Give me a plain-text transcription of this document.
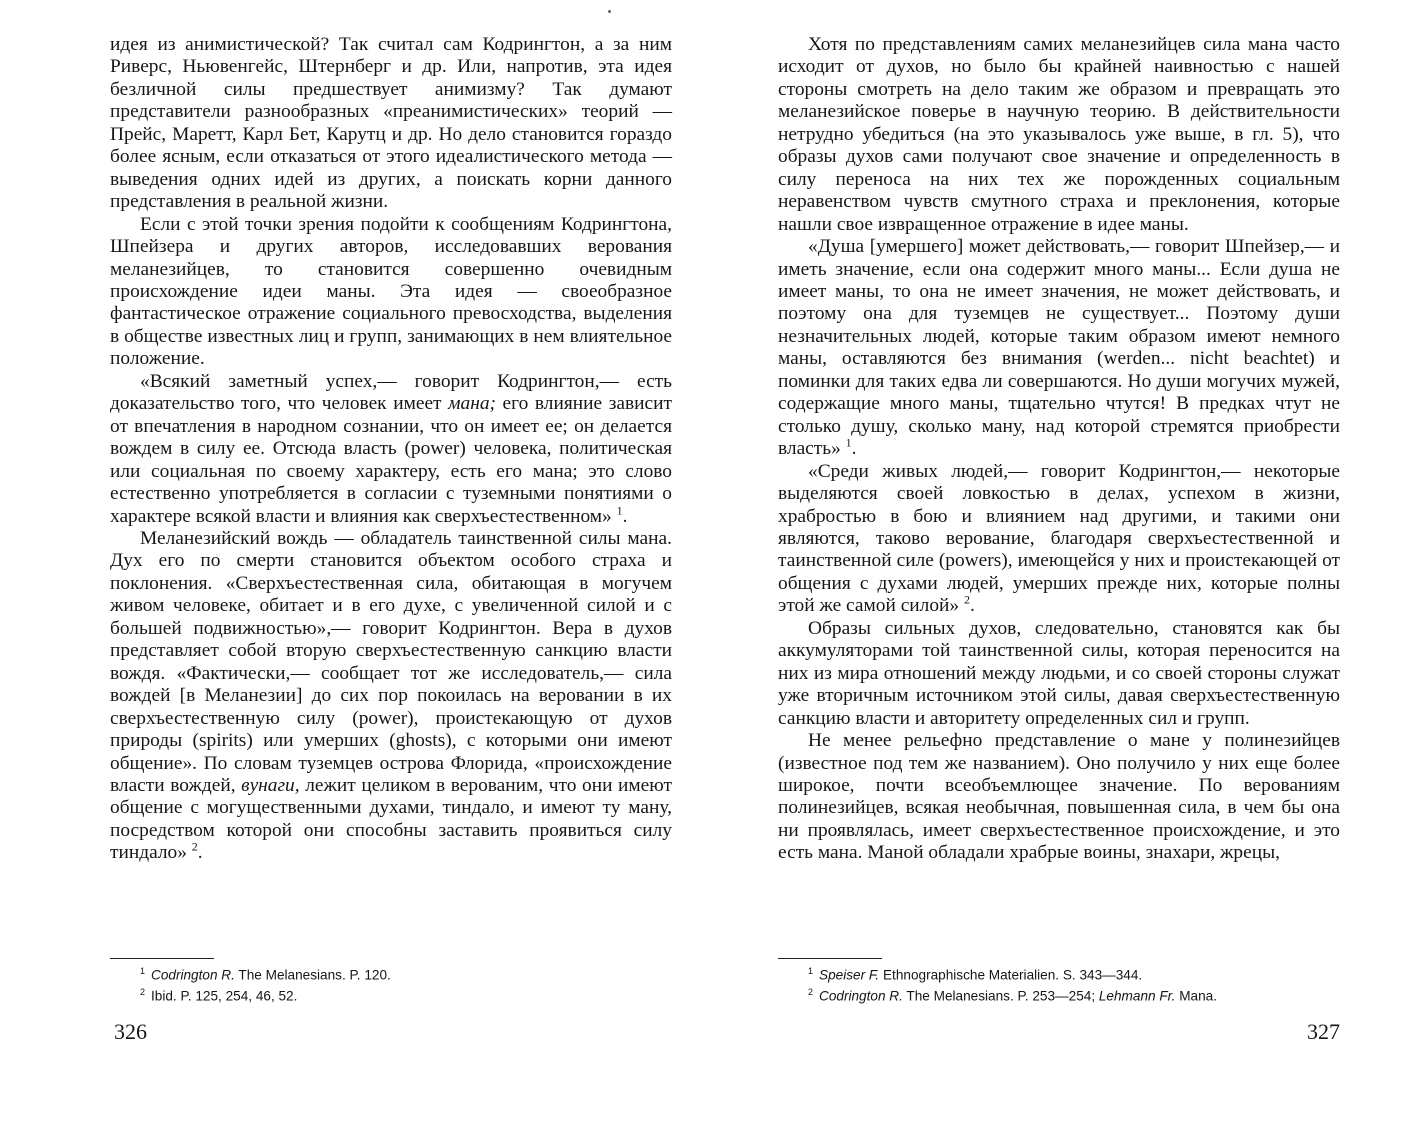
идея из анимистической? Так считал сам Кодрингтон, а за ним Риверс, Ньювенгейс, Штернберг и др. Или, напротив, эта идея безличной силы предшествует анимизму? Так думают представители разнообразных «преанимистических» теорий — Прейс, Маретт, Карл Бет, Карутц и др. Но дело становится гораздо более ясным, если отказаться от этого идеалистического метода — выведения одних идей из других, а поискать корни данного представления в реальной жизни.

Если с этой точки зрения подойти к сообщениям Кодрингтона, Шпейзера и других авторов, исследовавших верования меланезийцев, то становится совершенно очевидным происхождение идеи маны. Эта идея — своеобразное фантастическое отражение социального превосходства, выделения в обществе известных лиц и групп, занимающих в нем влиятельное положение.

«Всякий заметный успех,— говорит Кодрингтон,— есть доказательство того, что человек имеет мана; его влияние зависит от впечатления в народном сознании, что он имеет ее; он делается вождем в силу ее. Отсюда власть (power) человека, политическая или социальная по своему характеру, есть его мана; это слово естественно употребляется в согласии с туземными понятиями о характере всякой власти и влияния как сверхъестественном» $^1$.

Меланезийский вождь — обладатель таинственной силы мана. Дух его по смерти становится объектом особого страха и поклонения. «Сверхъестественная сила, обитающая в могучем живом человеке, обитает и в его духе, с увеличенной силой и с большей подвижностью»,— говорит Кодрингтон. Вера в духов представляет собой вторую сверхъестественную санкцию власти вождя. «Фактически,— сообщает тот же исследователь,— сила вождей [в Меланезии] до сих пор покоилась на веровании в их сверхъестественную силу (power), проистекающую от духов природы (spirits) или умерших (ghosts), с которыми они имеют общение». По словам туземцев острова Флорида, «происхождение власти вождей, вунаги, лежит целиком в верованим, что они имеют общение с могущественными духами, тиндало, и имеют ту ману, посредством которой они способны заставить проявиться силу тиндало» $^2$.

$^1$ Codrington R. The Melanesians. P. 120.

$^2$ Ibid. P. 125, 254, 46, 52.

326

Хотя по представлениям самих меланезийцев сила мана часто исходит от духов, но было бы крайней наивностью с нашей стороны смотреть на дело таким же образом и превращать это меланезийское поверье в научную теорию. В действительности нетрудно убедиться (на это указывалось уже выше, в гл. 5), что образы духов сами получают свое значение и определенность в силу переноса на них тех же порожденных социальным неравенством чувств смутного страха и преклонения, которые нашли свое извращенное отражение в идее маны.

«Душа [умершего] может действовать,— говорит Шпейзер,— и иметь значение, если она содержит много маны... Если душа не имеет маны, то она не имеет значения, не может действовать, и поэтому она для туземцев не существует... Поэтому души незначительных людей, которые таким образом имеют немного маны, оставляются без внимания (werden... nicht beachtet) и поминки для таких едва ли совершаются. Но души могучих мужей, содержащие много маны, тщательно чтутся! В предках чтут не столько душу, сколько ману, над которой стремятся приобрести власть» $^1$.

«Среди живых людей,— говорит Кодрингтон,— некоторые выделяются своей ловкостью в делах, успехом в жизни, храбростью в бою и влиянием над другими, и такими они являются, таково верование, благодаря сверхъестественной и таинственной силе (powers), имеющейся у них и проистекающей от общения с духами людей, умерших прежде них, которые полны этой же самой силой» $^2$.

Образы сильных духов, следовательно, становятся как бы аккумуляторами той таинственной силы, которая переносится на них из мира отношений между людьми, и со своей стороны служат уже вторичным источником этой силы, давая сверхъестественную санкцию власти и авторитету определенных сил и групп.

Не менее рельефно представление о мане у полинезийцев (известное под тем же названием). Оно получило у них еще более широкое, почти всеобъемлющее значение. По верованиям полинезийцев, всякая необычная, повышенная сила, в чем бы она ни проявлялась, имеет сверхъестественное происхождение, и это есть мана. Маной обладали храбрые воины, знахари, жрецы,

$^1$ Speiser F. Ethnographische Materialien. S. 343—344.

$^2$ Codrington R. The Melanesians. P. 253—254; Lehmann Fr. Mana.

327
